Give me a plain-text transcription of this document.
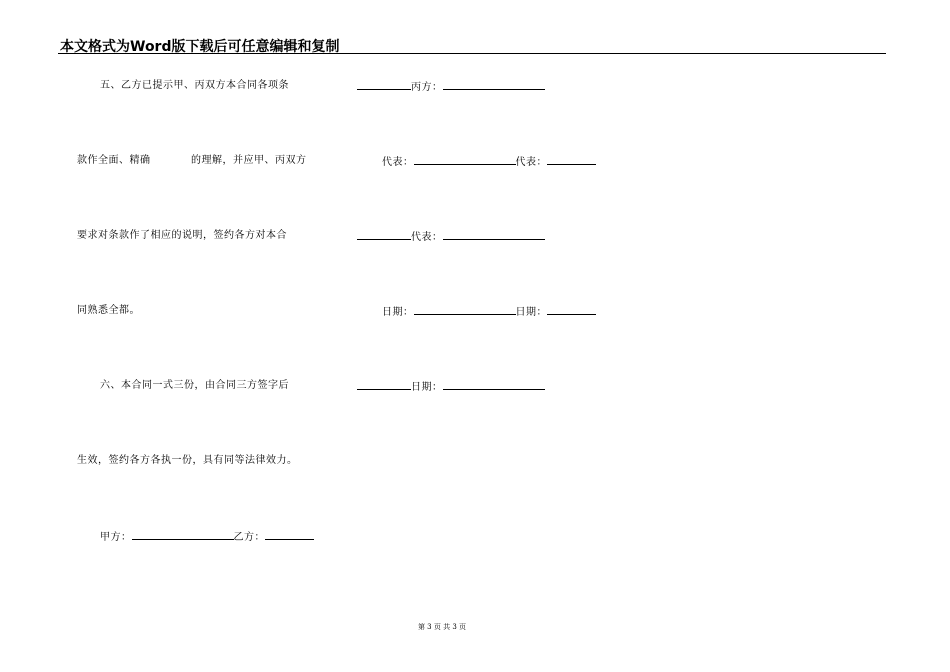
本文格式为Word版下载后可任意编辑和复制
五、乙方已提示甲、丙双方本合同各项条
款作全面、精确	的理解，并应甲、丙双方
要求对条款作了相应的说明，签约各方对本合
同熟悉全都。
六、本合同一式三份，由合同三方签字后
生效，签约各方各执一份，具有同等法律效力。
甲方：	乙方：
丙方：
代表：	代表：
代表：
日期：	日期：
日期：
第 3 页 共 3 页
